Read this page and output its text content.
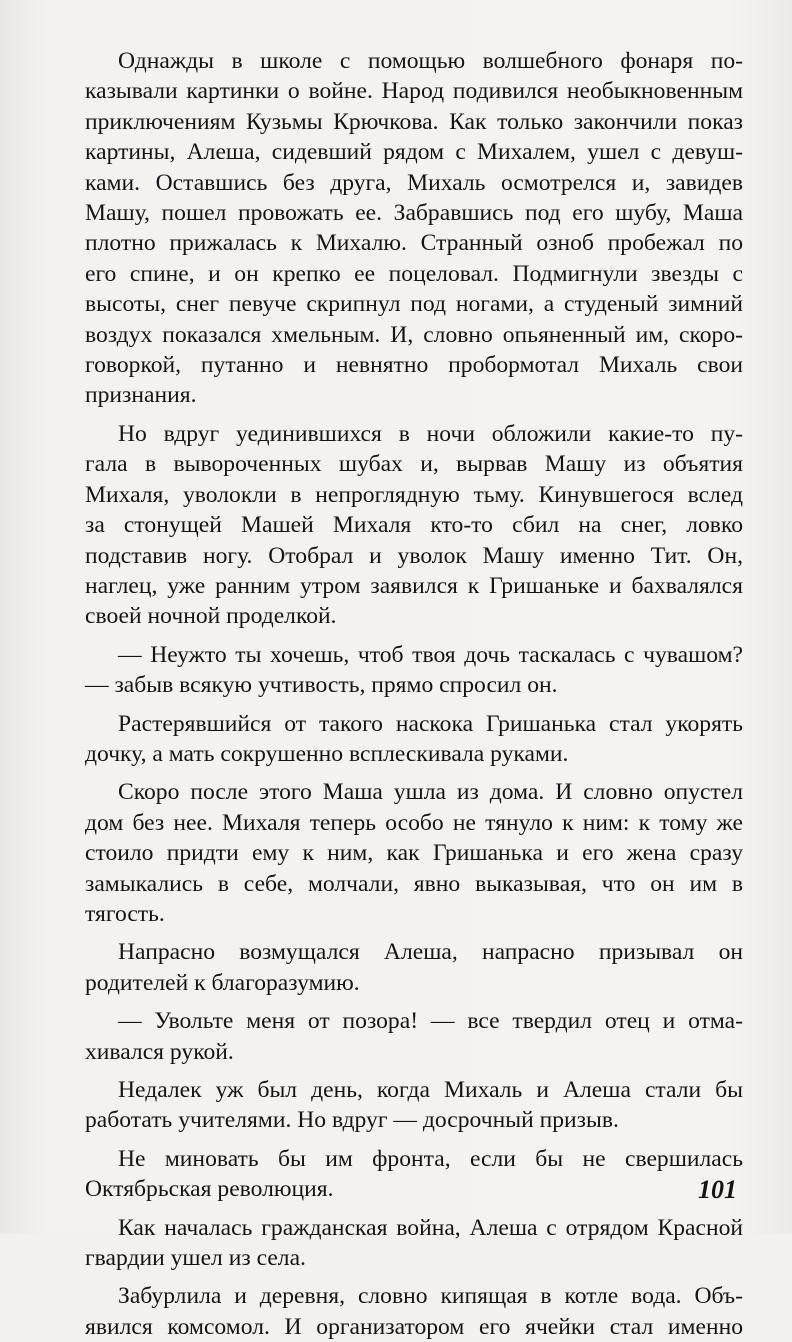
Однажды в школе с помощью волшебного фонаря по-
казывали картинки о войне. Народ подивился необыкновенным
приключениям Кузьмы Крючкова. Как только закончили показ
картины, Алеша, сидевший рядом с Михалем, ушел с девуш-
ками. Оставшись без друга, Михаль осмотрелся и, завидев
Машу, пошел провожать ее. Забравшись под его шубу, Маша
плотно прижалась к Михалю. Странный озноб пробежал по
его спине, и он крепко ее поцеловал. Подмигнули звезды с
высоты, снег певуче скрипнул под ногами, а студеный зимний
воздух показался хмельным. И, словно опьяненный им, скоро-
говоркой, путанно и невнятно пробормотал Михаль свои
признания.

Но вдруг уединившихся в ночи обложили какие-то пу-
гала в вывороченных шубах и, вырвав Машу из объятия
Михаля, уволокли в непроглядную тьму. Кинувшегося вслед
за стонущей Машей Михаля кто-то сбил на снег, ловко
подставив ногу. Отобрал и уволок Машу именно Тит. Он,
наглец, уже ранним утром заявился к Гришаньке и бахвалялся
своей ночной проделкой.

— Неужто ты хочешь, чтоб твоя дочь таскалась с чувашом?
— забыв всякую учтивость, прямо спросил он.

Растерявшийся от такого наскока Гришанька стал укорять
дочку, а мать сокрушенно всплескивала руками.

Скоро после этого Маша ушла из дома. И словно опустел
дом без нее. Михаля теперь особо не тянуло к ним: к тому же
стоило придти ему к ним, как Гришанька и его жена сразу
замыкались в себе, молчали, явно выказывая, что он им в
тягость.

Напрасно возмущался Алеша, напрасно призывал он
родителей к благоразумию.

— Увольте меня от позора! — все твердил отец и отма-
хивался рукой.

Недалек уж был день, когда Михаль и Алеша стали бы
работать учителями. Но вдруг — досрочный призыв.

Не миновать бы им фронта, если бы не свершилась
Октябрьская революция.

Как началась гражданская война, Алеша с отрядом Красной
гвардии ушел из села.

Забурлила и деревня, словно кипящая в котле вода. Объ-
явился комсомол. И организатором его ячейки стал именно

101
